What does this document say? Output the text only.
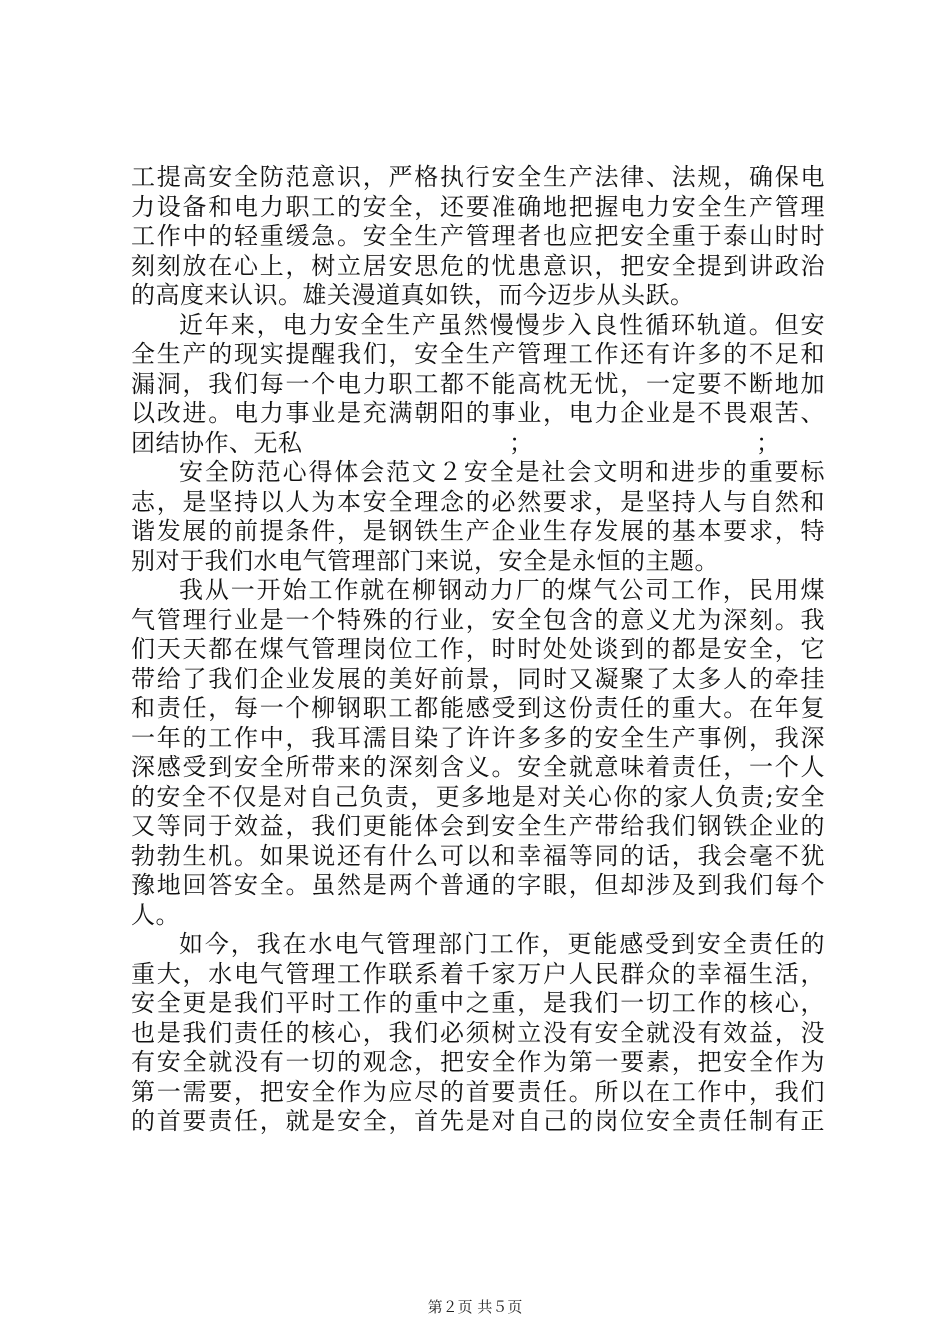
工提高安全防范意识，严格执行安全生产法律、法规，确保电
力设备和电力职工的安全，还要准确地把握电力安全生产管理
工作中的轻重缓急。安全生产管理者也应把安全重于泰山时时
刻刻放在心上，树立居安思危的忧患意识，把安全提到讲政治
的高度来认识。雄关漫道真如铁，而今迈步从头跃。
近年来，电力安全生产虽然慢慢步入良性循环轨道。但安
全生产的现实提醒我们，安全生产管理工作还有许多的不足和
漏洞，我们每一个电力职工都不能高枕无忧，一定要不断地加
以改进。电力事业是充满朝阳的事业，电力企业是不畏艰苦、
团结协作、无私	；	；
安全防范心得体会范文２安全是社会文明和进步的重要标
志，是坚持以人为本安全理念的必然要求，是坚持人与自然和
谐发展的前提条件，是钢铁生产企业生存发展的基本要求，特
别对于我们水电气管理部门来说，安全是永恒的主题。
我从一开始工作就在柳钢动力厂的煤气公司工作，民用煤
气管理行业是一个特殊的行业，安全包含的意义尤为深刻。我
们天天都在煤气管理岗位工作，时时处处谈到的都是安全，它
带给了我们企业发展的美好前景，同时又凝聚了太多人的牵挂
和责任，每一个柳钢职工都能感受到这份责任的重大。在年复
一年的工作中，我耳濡目染了许许多多的安全生产事例，我深
深感受到安全所带来的深刻含义。安全就意味着责任，一个人
的安全不仅是对自己负责，更多地是对关心你的家人负责;安全
又等同于效益，我们更能体会到安全生产带给我们钢铁企业的
勃勃生机。如果说还有什么可以和幸福等同的话，我会毫不犹
豫地回答安全。虽然是两个普通的字眼，但却涉及到我们每个
人。
如今，我在水电气管理部门工作，更能感受到安全责任的
重大，水电气管理工作联系着千家万户人民群众的幸福生活，
安全更是我们平时工作的重中之重，是我们一切工作的核心，
也是我们责任的核心，我们必须树立没有安全就没有效益，没
有安全就没有一切的观念，把安全作为第一要素，把安全作为
第一需要，把安全作为应尽的首要责任。所以在工作中，我们
的首要责任，就是安全，首先是对自己的岗位安全责任制有正
第２页 共５页
